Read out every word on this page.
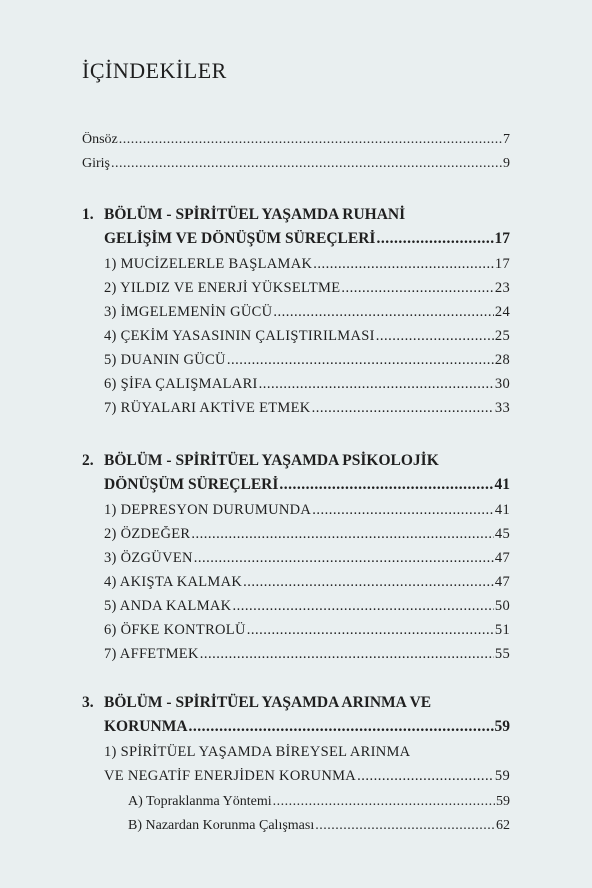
İÇİNDEKİLER
Önsöz .....	7
Giriş .....	9
1. BÖLÜM - SPİRİTÜEL YAŞAMDA RUHANİ
GELİŞİM VE DÖNÜŞÜM SÜREÇLERİ .....	17
1) MUCİZELERLE BAŞLAMAK .....	17
2) YILDIZ VE ENERJİ YÜKSELTME .....	23
3) İMGELEMENİN GÜCÜ .....	24
4) ÇEKİM YASASININ ÇALIŞTIRILMASI .....	25
5) DUANIN GÜCÜ .....	28
6) ŞİFA ÇALIŞMALARI .....	30
7) RÜYALARI AKTİVE ETMEK .....	33
2. BÖLÜM - SPİRİTÜEL YAŞAMDA PSİKOLOJİK
DÖNÜŞÜM SÜREÇLERİ .....	41
1) DEPRESYON DURUMUNDA .....	41
2) ÖZDEĞER .....	45
3) ÖZGÜVEN .....	47
4) AKIŞTA KALMAK .....	47
5) ANDA KALMAK .....	50
6) ÖFKE KONTROLÜ .....	51
7) AFFETMEK .....	55
3. BÖLÜM - SPİRİTÜEL YAŞAMDA ARINMA VE
KORUNMA .....	59
1) SPİRİTÜEL YAŞAMDA BİREYSEL ARINMA
VE NEGATİF ENERJİDEN KORUNMA .....	59
A) Topraklanma Yöntemi .....	59
B) Nazardan Korunma Çalışması .....	62
